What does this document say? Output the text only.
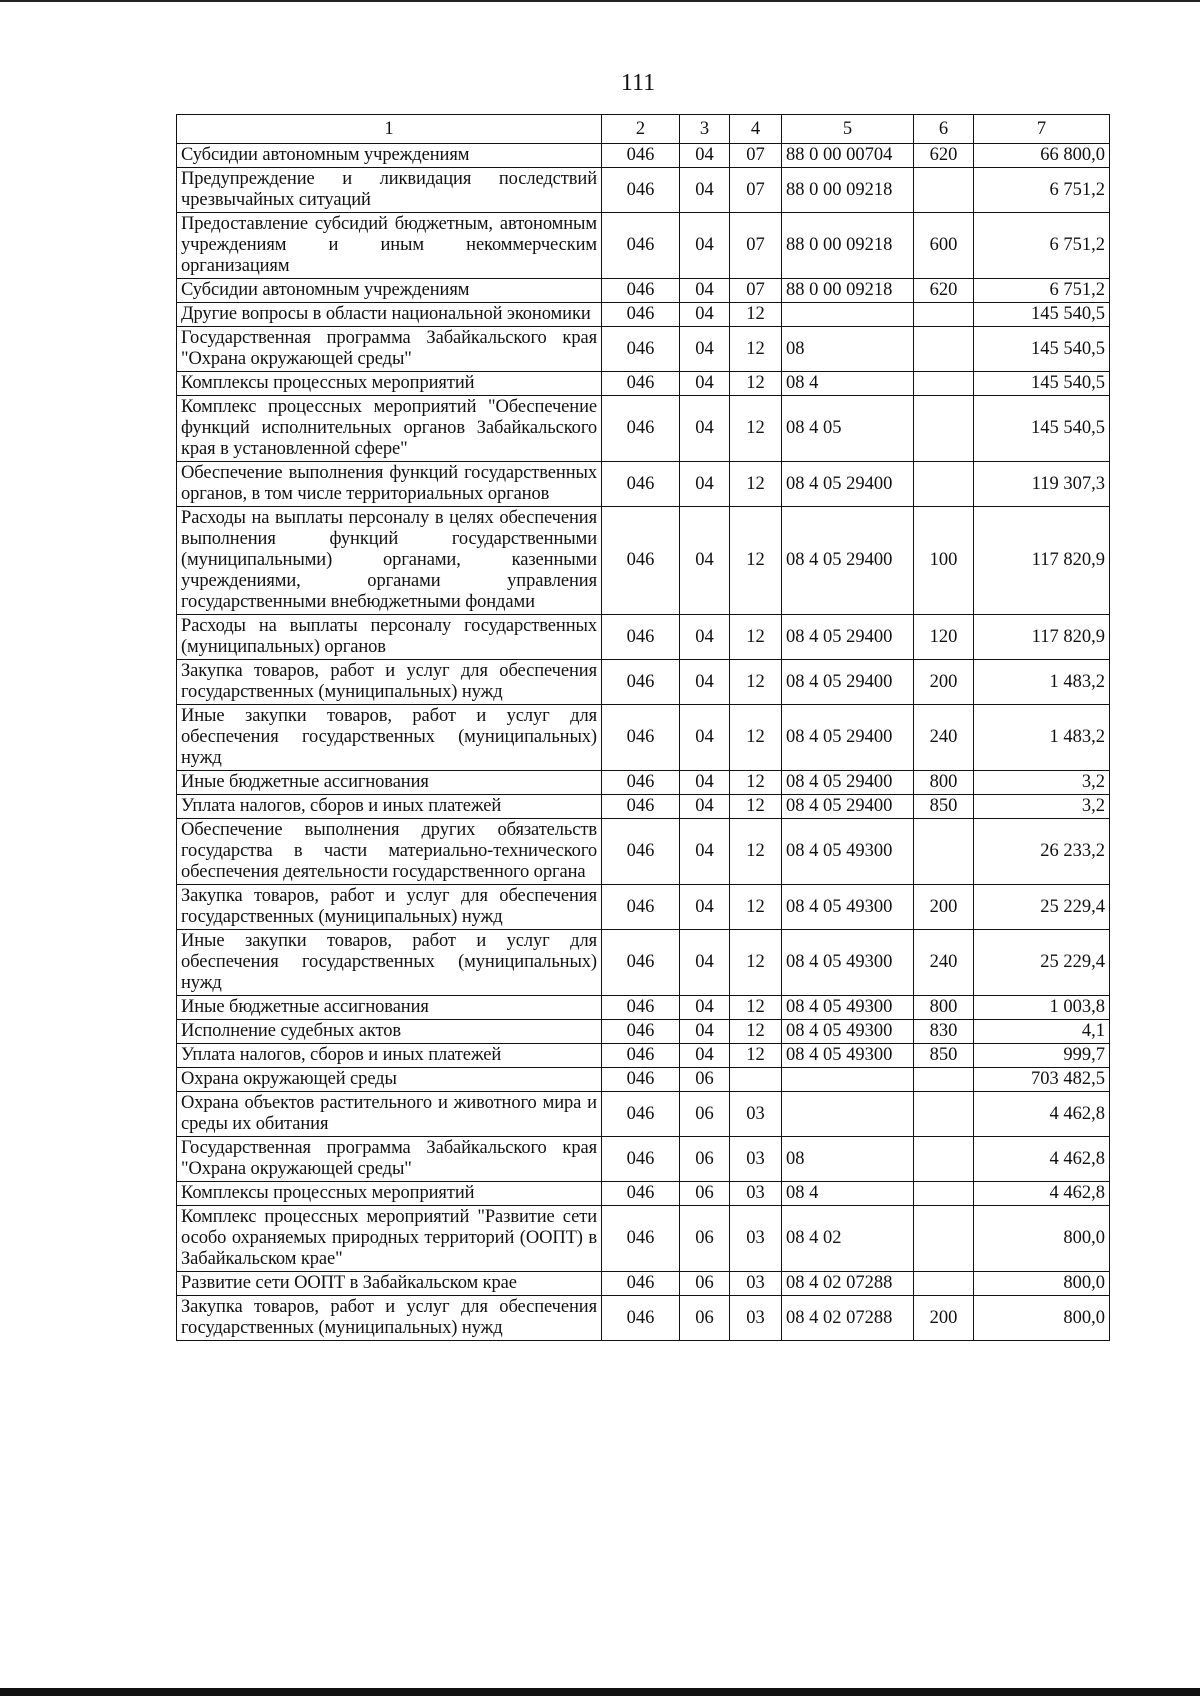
111
1	2	3	4	5	6	7
Субсидии автономным учреждениям	046	04	07	88 0 00 00704	620	66 800,0
Предупреждение и ликвидация последствий чрезвычайных ситуаций	046	04	07	88 0 00 09218		6 751,2
Предоставление субсидий бюджетным, автономным учреждениям и иным некоммерческим организациям	046	04	07	88 0 00 09218	600	6 751,2
Субсидии автономным учреждениям	046	04	07	88 0 00 09218	620	6 751,2
Другие вопросы в области национальной экономики	046	04	12			145 540,5
Государственная программа Забайкальского края "Охрана окружающей среды"	046	04	12	08		145 540,5
Комплексы процессных мероприятий	046	04	12	08 4		145 540,5
Комплекс процессных мероприятий "Обеспечение функций исполнительных органов Забайкальского края в установленной сфере"	046	04	12	08 4 05		145 540,5
Обеспечение выполнения функций государственных органов, в том числе территориальных органов	046	04	12	08 4 05 29400		119 307,3
Расходы на выплаты персоналу в целях обеспечения выполнения функций государственными (муниципальными) органами, казенными учреждениями, органами управления государственными внебюджетными фондами	046	04	12	08 4 05 29400	100	117 820,9
Расходы на выплаты персоналу государственных (муниципальных) органов	046	04	12	08 4 05 29400	120	117 820,9
Закупка товаров, работ и услуг для обеспечения государственных (муниципальных) нужд	046	04	12	08 4 05 29400	200	1 483,2
Иные закупки товаров, работ и услуг для обеспечения государственных (муниципальных) нужд	046	04	12	08 4 05 29400	240	1 483,2
Иные бюджетные ассигнования	046	04	12	08 4 05 29400	800	3,2
Уплата налогов, сборов и иных платежей	046	04	12	08 4 05 29400	850	3,2
Обеспечение выполнения других обязательств государства в части материально-технического обеспечения деятельности государственного органа	046	04	12	08 4 05 49300		26 233,2
Закупка товаров, работ и услуг для обеспечения государственных (муниципальных) нужд	046	04	12	08 4 05 49300	200	25 229,4
Иные закупки товаров, работ и услуг для обеспечения государственных (муниципальных) нужд	046	04	12	08 4 05 49300	240	25 229,4
Иные бюджетные ассигнования	046	04	12	08 4 05 49300	800	1 003,8
Исполнение судебных актов	046	04	12	08 4 05 49300	830	4,1
Уплата налогов, сборов и иных платежей	046	04	12	08 4 05 49300	850	999,7
Охрана окружающей среды	046	06				703 482,5
Охрана объектов растительного и животного мира и среды их обитания	046	06	03			4 462,8
Государственная программа Забайкальского края "Охрана окружающей среды"	046	06	03	08		4 462,8
Комплексы процессных мероприятий	046	06	03	08 4		4 462,8
Комплекс процессных мероприятий "Развитие сети особо охраняемых природных территорий (ООПТ) в Забайкальском крае"	046	06	03	08 4 02		800,0
Развитие сети ООПТ в Забайкальском крае	046	06	03	08 4 02 07288		800,0
Закупка товаров, работ и услуг для обеспечения государственных (муниципальных) нужд	046	06	03	08 4 02 07288	200	800,0
